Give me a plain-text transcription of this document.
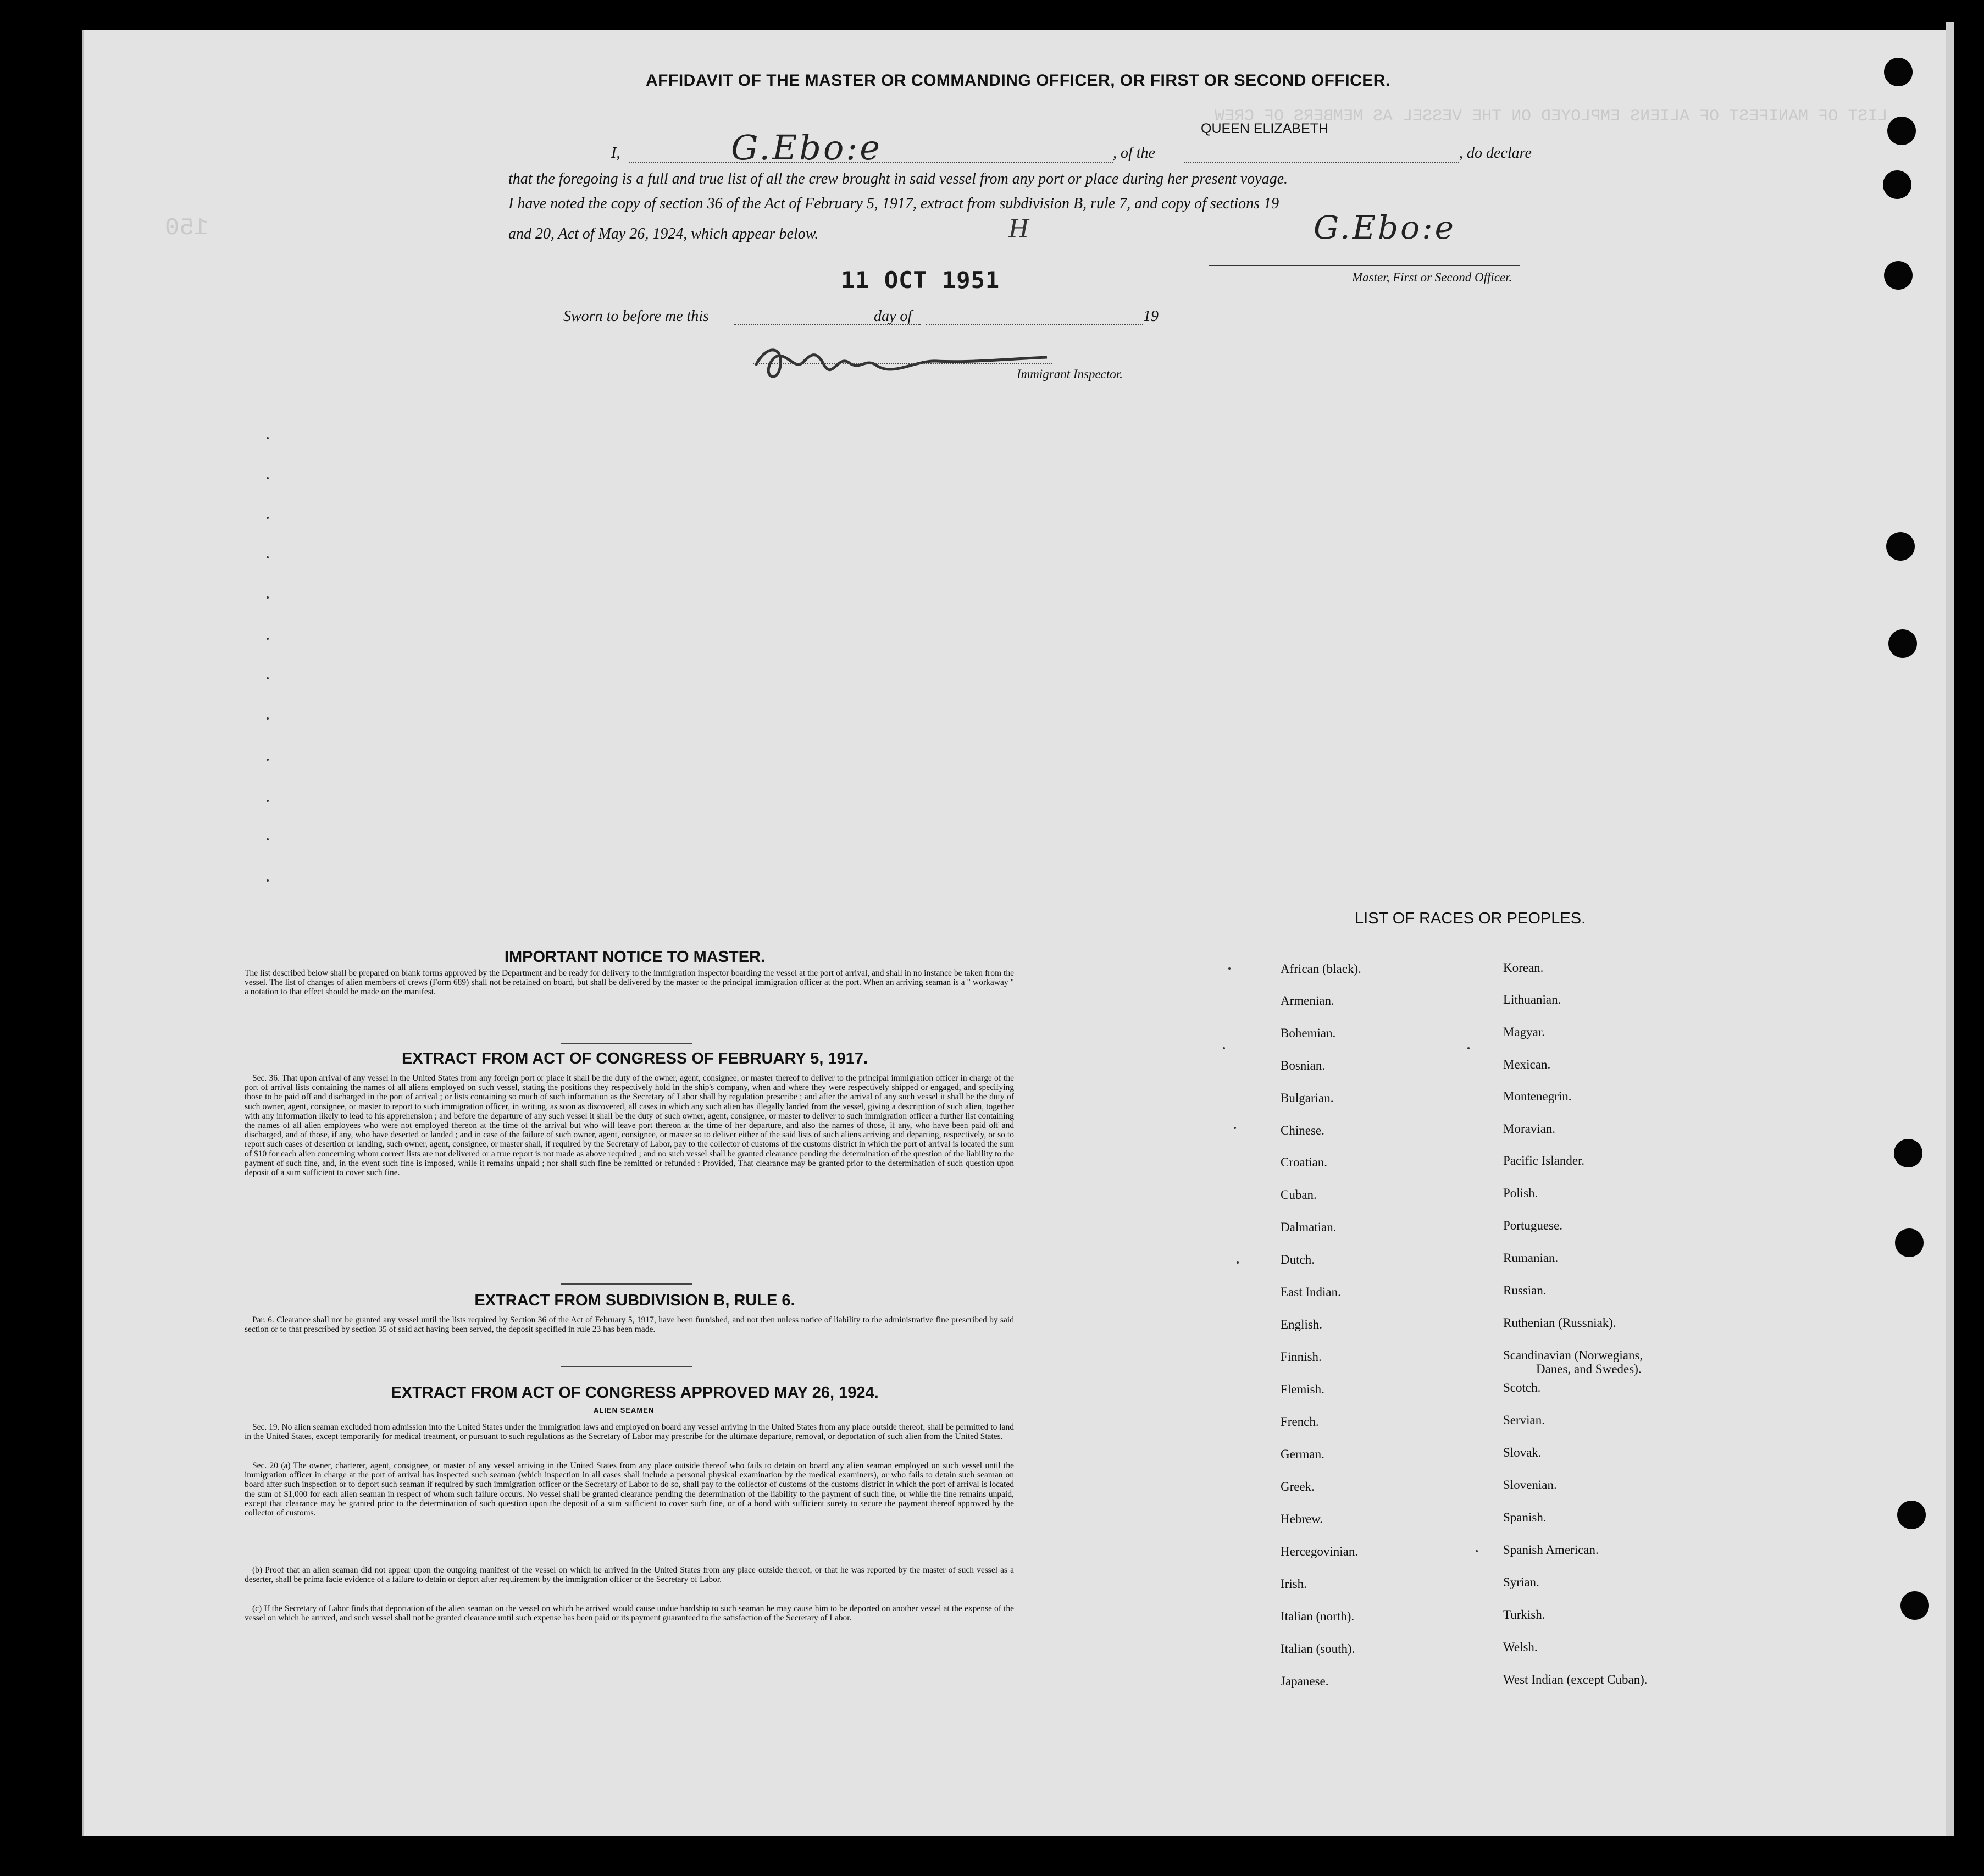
LIST OF MANIFEST OF ALIENS EMPLOYED ON THE VESSEL AS MEMBERS OF CREW
150
AFFIDAVIT OF THE MASTER OR COMMANDING OFFICER, OR FIRST OR SECOND OFFICER.
I,	G.Ebo:e	, of the
QUEEN ELIZABETH
, do declare
that the foregoing is a full and true list of all the crew brought in said vessel from any port or place during her present voyage.
I have noted the copy of section 36 of the Act of February 5, 1917, extract from subdivision B, rule 7, and copy of sections 19
and 20, Act of May 26, 1924, which appear below.	H	G.Ebo:e
Master, First or Second Officer.
11 OCT 1951
Sworn to before me this	day of	19
Immigrant Inspector.
IMPORTANT NOTICE TO MASTER.
The list described below shall be prepared on blank forms approved by the Department and be ready for delivery to the immigration inspector boarding the vessel at the port of arrival, and shall in no instance be taken from the vessel. The list of changes of alien members of crews (Form 689) shall not be retained on board, but shall be delivered by the master to the principal immigration officer at the port. When an arriving seaman is a " workaway " a notation to that effect should be made on the manifest.
EXTRACT FROM ACT OF CONGRESS OF FEBRUARY 5, 1917.
Sec. 36. That upon arrival of any vessel in the United States from any foreign port or place it shall be the duty of the owner, agent, consignee, or master thereof to deliver to the principal immigration officer in charge of the port of arrival lists containing the names of all aliens employed on such vessel, stating the positions they respectively hold in the ship's company, when and where they were respectively shipped or engaged, and specifying those to be paid off and discharged in the port of arrival ; or lists containing so much of such information as the Secretary of Labor shall by regulation prescribe ; and after the arrival of any such vessel it shall be the duty of such owner, agent, consignee, or master to report to such immigration officer, in writing, as soon as discovered, all cases in which any such alien has illegally landed from the vessel, giving a description of such alien, together with any information likely to lead to his apprehension ; and before the departure of any such vessel it shall be the duty of such owner, agent, consignee, or master to deliver to such immigration officer a further list containing the names of all alien employees who were not employed thereon at the time of the arrival but who will leave port thereon at the time of her departure, and also the names of those, if any, who have been paid off and discharged, and of those, if any, who have deserted or landed ; and in case of the failure of such owner, agent, consignee, or master so to deliver either of the said lists of such aliens arriving and departing, respectively, or so to report such cases of desertion or landing, such owner, agent, consignee, or master shall, if required by the Secretary of Labor, pay to the collector of customs of the customs district in which the port of arrival is located the sum of $10 for each alien concerning whom correct lists are not delivered or a true report is not made as above required ; and no such vessel shall be granted clearance pending the determination of the question of the liability to the payment of such fine, and, in the event such fine is imposed, while it remains unpaid ; nor shall such fine be remitted or refunded : Provided, That clearance may be granted prior to the determination of such question upon deposit of a sum sufficient to cover such fine.
EXTRACT FROM SUBDIVISION B, RULE 6.
Par. 6. Clearance shall not be granted any vessel until the lists required by Section 36 of the Act of February 5, 1917, have been furnished, and not then unless notice of liability to the administrative fine prescribed by said section or to that prescribed by section 35 of said act having been served, the deposit specified in rule 23 has been made.
EXTRACT FROM ACT OF CONGRESS APPROVED MAY 26, 1924.
ALIEN SEAMEN
Sec. 19. No alien seaman excluded from admission into the United States under the immigration laws and employed on board any vessel arriving in the United States from any place outside thereof, shall be permitted to land in the United States, except temporarily for medical treatment, or pursuant to such regulations as the Secretary of Labor may prescribe for the ultimate departure, removal, or deportation of such alien from the United States.
Sec. 20 (a) The owner, charterer, agent, consignee, or master of any vessel arriving in the United States from any place outside thereof who fails to detain on board any alien seaman employed on such vessel until the immigration officer in charge at the port of arrival has inspected such seaman (which inspection in all cases shall include a personal physical examination by the medical examiners), or who fails to detain such seaman on board after such inspection or to deport such seaman if required by such immigration officer or the Secretary of Labor to do so, shall pay to the collector of customs of the customs district in which the port of arrival is located the sum of $1,000 for each alien seaman in respect of whom such failure occurs. No vessel shall be granted clearance pending the determination of the liability to the payment of such fine, or while the fine remains unpaid, except that clearance may be granted prior to the determination of such question upon the deposit of a sum sufficient to cover such fine, or of a bond with sufficient surety to secure the payment thereof approved by the collector of customs.
(b) Proof that an alien seaman did not appear upon the outgoing manifest of the vessel on which he arrived in the United States from any place outside thereof, or that he was reported by the master of such vessel as a deserter, shall be prima facie evidence of a failure to detain or deport after requirement by the immigration officer or the Secretary of Labor.
(c) If the Secretary of Labor finds that deportation of the alien seaman on the vessel on which he arrived would cause undue hardship to such seaman he may cause him to be deported on another vessel at the expense of the vessel on which he arrived, and such vessel shall not be granted clearance until such expense has been paid or its payment guaranteed to the satisfaction of the Secretary of Labor.
LIST OF RACES OR PEOPLES.
African (black).
Armenian.
Bohemian.
Bosnian.
Bulgarian.
Chinese.
Croatian.
Cuban.
Dalmatian.
Dutch.
East Indian.
English.
Finnish.
Flemish.
French.
German.
Greek.
Hebrew.
Hercegovinian.
Irish.
Italian (north).
Italian (south).
Japanese.
Korean.
Lithuanian.
Magyar.
Mexican.
Montenegrin.
Moravian.
Pacific Islander.
Polish.
Portuguese.
Rumanian.
Russian.
Ruthenian (Russniak).
Scandinavian (Norwegians,
Danes, and Swedes).
Scotch.
Servian.
Slovak.
Slovenian.
Spanish.
Spanish American.
Syrian.
Turkish.
Welsh.
West Indian (except Cuban).
